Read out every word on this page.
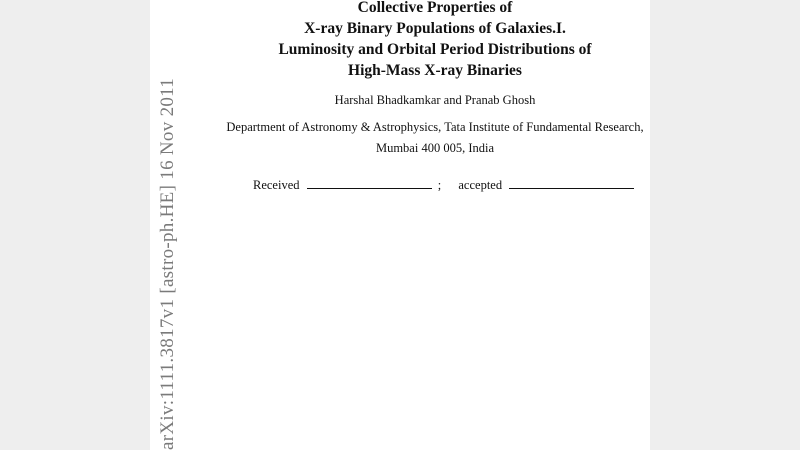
arXiv:1111.3817v1 [astro-ph.HE] 16 Nov 2011
Collective Properties of
X-ray Binary Populations of Galaxies.I.
Luminosity and Orbital Period Distributions of
High-Mass X-ray Binaries
Harshal Bhadkamkar and Pranab Ghosh
Department of Astronomy & Astrophysics, Tata Institute of Fundamental Research,
Mumbai 400 005, India
Received	; accepted
